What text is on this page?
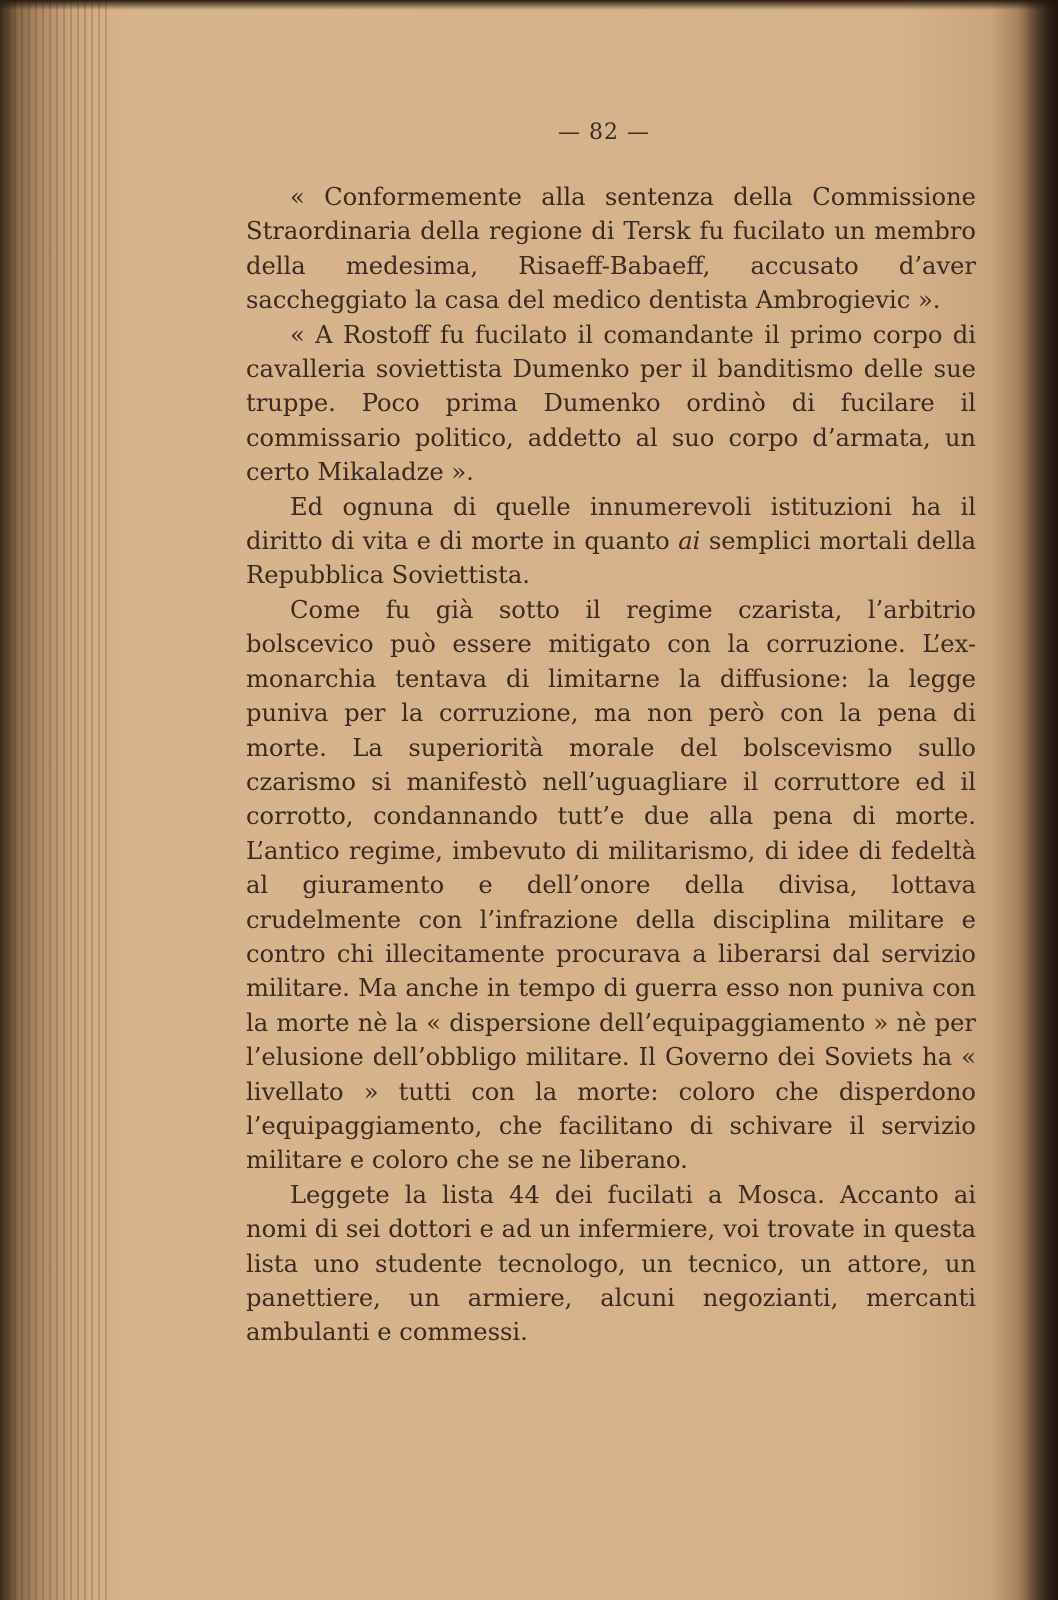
— 82 —

« Conformemente alla sentenza della Commissione Straordinaria della regione di Tersk fu fucilato un membro della medesima, Risaeff-Babaeff, accusato d’aver saccheggiato la casa del medico dentista Ambrogievic ».

« A Rostoff fu fucilato il comandante il primo corpo di cavalleria soviettista Dumenko per il banditismo delle sue truppe. Poco prima Dumenko ordinò di fucilare il commissario politico, addetto al suo corpo d’armata, un certo Mikaladze ».

Ed ognuna di quelle innumerevoli istituzioni ha il diritto di vita e di morte in quanto ai semplici mortali della Repubblica Soviettista.

Come fu già sotto il regime czarista, l’arbitrio bolscevico può essere mitigato con la corruzione. L’ex-monarchia tentava di limitarne la diffusione: la legge puniva per la corruzione, ma non però con la pena di morte. La superiorità morale del bolscevismo sullo czarismo si manifestò nell’uguagliare il corruttore ed il corrotto, condannando tutt’e due alla pena di morte. L’antico regime, imbevuto di militarismo, di idee di fedeltà al giuramento e dell’onore della divisa, lottava crudelmente con l’infrazione della disciplina militare e contro chi illecitamente procurava a liberarsi dal servizio militare. Ma anche in tempo di guerra esso non puniva con la morte nè la « dispersione dell’equipaggiamento » nè per l’elusione dell’obbligo militare. Il Governo dei Soviets ha « livellato » tutti con la morte: coloro che disperdono l’equipaggiamento, che facilitano di schivare il servizio militare e coloro che se ne liberano.

Leggete la lista 44 dei fucilati a Mosca. Accanto ai nomi di sei dottori e ad un infermiere, voi trovate in questa lista uno studente tecnologo, un tecnico, un attore, un panettiere, un armiere, alcuni negozianti, mercanti ambulanti e commessi.
